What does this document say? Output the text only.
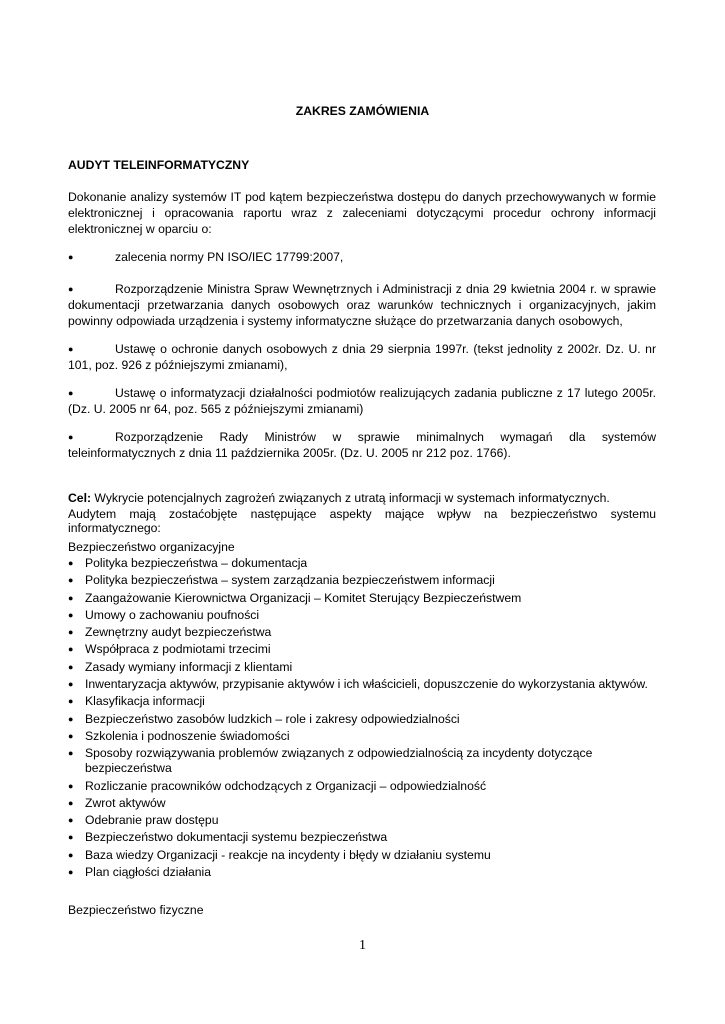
ZAKRES ZAMÓWIENIA
AUDYT TELEINFORMATYCZNY
Dokonanie analizy systemów IT pod kątem bezpieczeństwa dostępu do danych przechowywanych w formie elektronicznej i opracowania raportu wraz z zaleceniami dotyczącymi procedur ochrony informacji elektronicznej w oparciu o:
●	zalecenia normy PN ISO/IEC 17799:2007,
●	Rozporządzenie Ministra Spraw Wewnętrznych i Administracji z dnia 29 kwietnia 2004 r. w sprawie dokumentacji przetwarzania danych osobowych oraz warunków technicznych i organizacyjnych, jakim powinny odpowiada urządzenia i systemy informatyczne służące do przetwarzania danych osobowych,
●	Ustawę o ochronie danych osobowych z dnia 29 sierpnia 1997r. (tekst jednolity z 2002r. Dz. U. nr 101, poz. 926 z późniejszymi zmianami),
●	Ustawę o informatyzacji działalności podmiotów realizujących zadania publiczne z 17 lutego 2005r. (Dz. U. 2005 nr 64, poz. 565 z późniejszymi zmianami)
●	Rozporządzenie Rady Ministrów w sprawie minimalnych wymagań dla systemów teleinformatycznych z dnia 11 października 2005r. (Dz. U. 2005 nr 212 poz. 1766).
Cel: Wykrycie potencjalnych zagrożeń związanych z utratą informacji w systemach informatycznych.
Audytem mają zostaćobjęte następujące aspekty mające wpływ na bezpieczeństwo systemu informatycznego:
Bezpieczeństwo organizacyjne
● Polityka bezpieczeństwa – dokumentacja
● Polityka bezpieczeństwa – system zarządzania bezpieczeństwem informacji
● Zaangażowanie Kierownictwa Organizacji – Komitet Sterujący Bezpieczeństwem
● Umowy o zachowaniu poufności
● Zewnętrzny audyt bezpieczeństwa
● Współpraca z podmiotami trzecimi
● Zasady wymiany informacji z klientami
● Inwentaryzacja aktywów, przypisanie aktywów i ich właścicieli, dopuszczenie do wykorzystania aktywów.
● Klasyfikacja informacji
● Bezpieczeństwo zasobów ludzkich – role i zakresy odpowiedzialności
● Szkolenia i podnoszenie świadomości
● Sposoby rozwiązywania problemów związanych z odpowiedzialnością za incydenty dotyczące bezpieczeństwa
● Rozliczanie pracowników odchodzących z Organizacji – odpowiedzialność
● Zwrot aktywów
● Odebranie praw dostępu
● Bezpieczeństwo dokumentacji systemu bezpieczeństwa
● Baza wiedzy Organizacji - reakcje na incydenty i błędy w działaniu systemu
● Plan ciągłości działania
Bezpieczeństwo fizyczne
1
